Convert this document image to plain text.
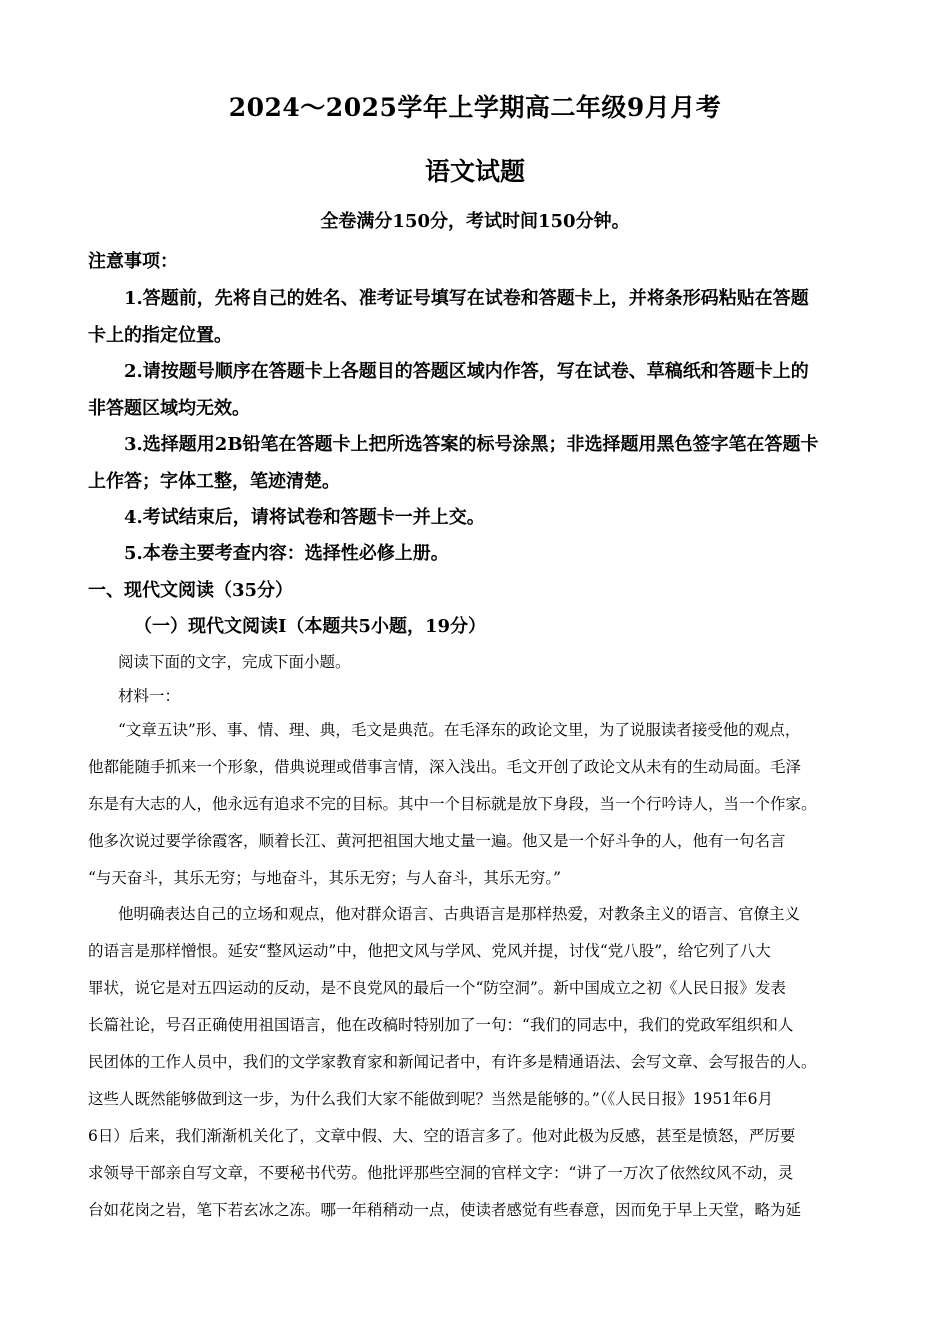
2024～2025学年上学期高二年级9月月考
语文试题
全卷满分150分，考试时间150分钟。
注意事项：
1.答题前，先将自己的姓名、准考证号填写在试卷和答题卡上，并将条形码粘贴在答题
卡上的指定位置。
2.请按题号顺序在答题卡上各题目的答题区域内作答，写在试卷、草稿纸和答题卡上的
非答题区域均无效。
3.选择题用2B铅笔在答题卡上把所选答案的标号涂黑；非选择题用黑色签字笔在答题卡
上作答；字体工整，笔迹清楚。
4.考试结束后，请将试卷和答题卡一并上交。
5.本卷主要考查内容：选择性必修上册。
一、现代文阅读（35分）
（一）现代文阅读Ⅰ（本题共5小题，19分）
阅读下面的文字，完成下面小题。
材料一：
“文章五诀”形、事、情、理、典，毛文是典范。在毛泽东的政论文里，为了说服读者接受他的观点，
他都能随手抓来一个形象，借典说理或借事言情，深入浅出。毛文开创了政论文从未有的生动局面。毛泽
东是有大志的人，他永远有追求不完的目标。其中一个目标就是放下身段，当一个行吟诗人，当一个作家。
他多次说过要学徐霞客，顺着长江、黄河把祖国大地丈量一遍。他又是一个好斗争的人，他有一句名言
“与天奋斗，其乐无穷；与地奋斗，其乐无穷；与人奋斗，其乐无穷。”
他明确表达自己的立场和观点，他对群众语言、古典语言是那样热爱，对教条主义的语言、官僚主义
的语言是那样憎恨。延安“整风运动”中，他把文风与学风、党风并提，讨伐“党八股”，给它列了八大
罪状，说它是对五四运动的反动，是不良党风的最后一个“防空洞”。新中国成立之初《人民日报》发表
长篇社论，号召正确使用祖国语言，他在改稿时特别加了一句：“我们的同志中，我们的党政军组织和人
民团体的工作人员中，我们的文学家教育家和新闻记者中，有许多是精通语法、会写文章、会写报告的人。
这些人既然能够做到这一步，为什么我们大家不能做到呢？当然是能够的。”（《人民日报》1951年6月
6日）后来，我们渐渐机关化了，文章中假、大、空的语言多了。他对此极为反感，甚至是愤怒，严厉要
求领导干部亲自写文章，不要秘书代劳。他批评那些空洞的官样文字：“讲了一万次了依然纹风不动，灵
台如花岗之岩，笔下若玄冰之冻。哪一年稍稍动一点，使读者感觉有些春意，因而免于早上天堂，略为延
